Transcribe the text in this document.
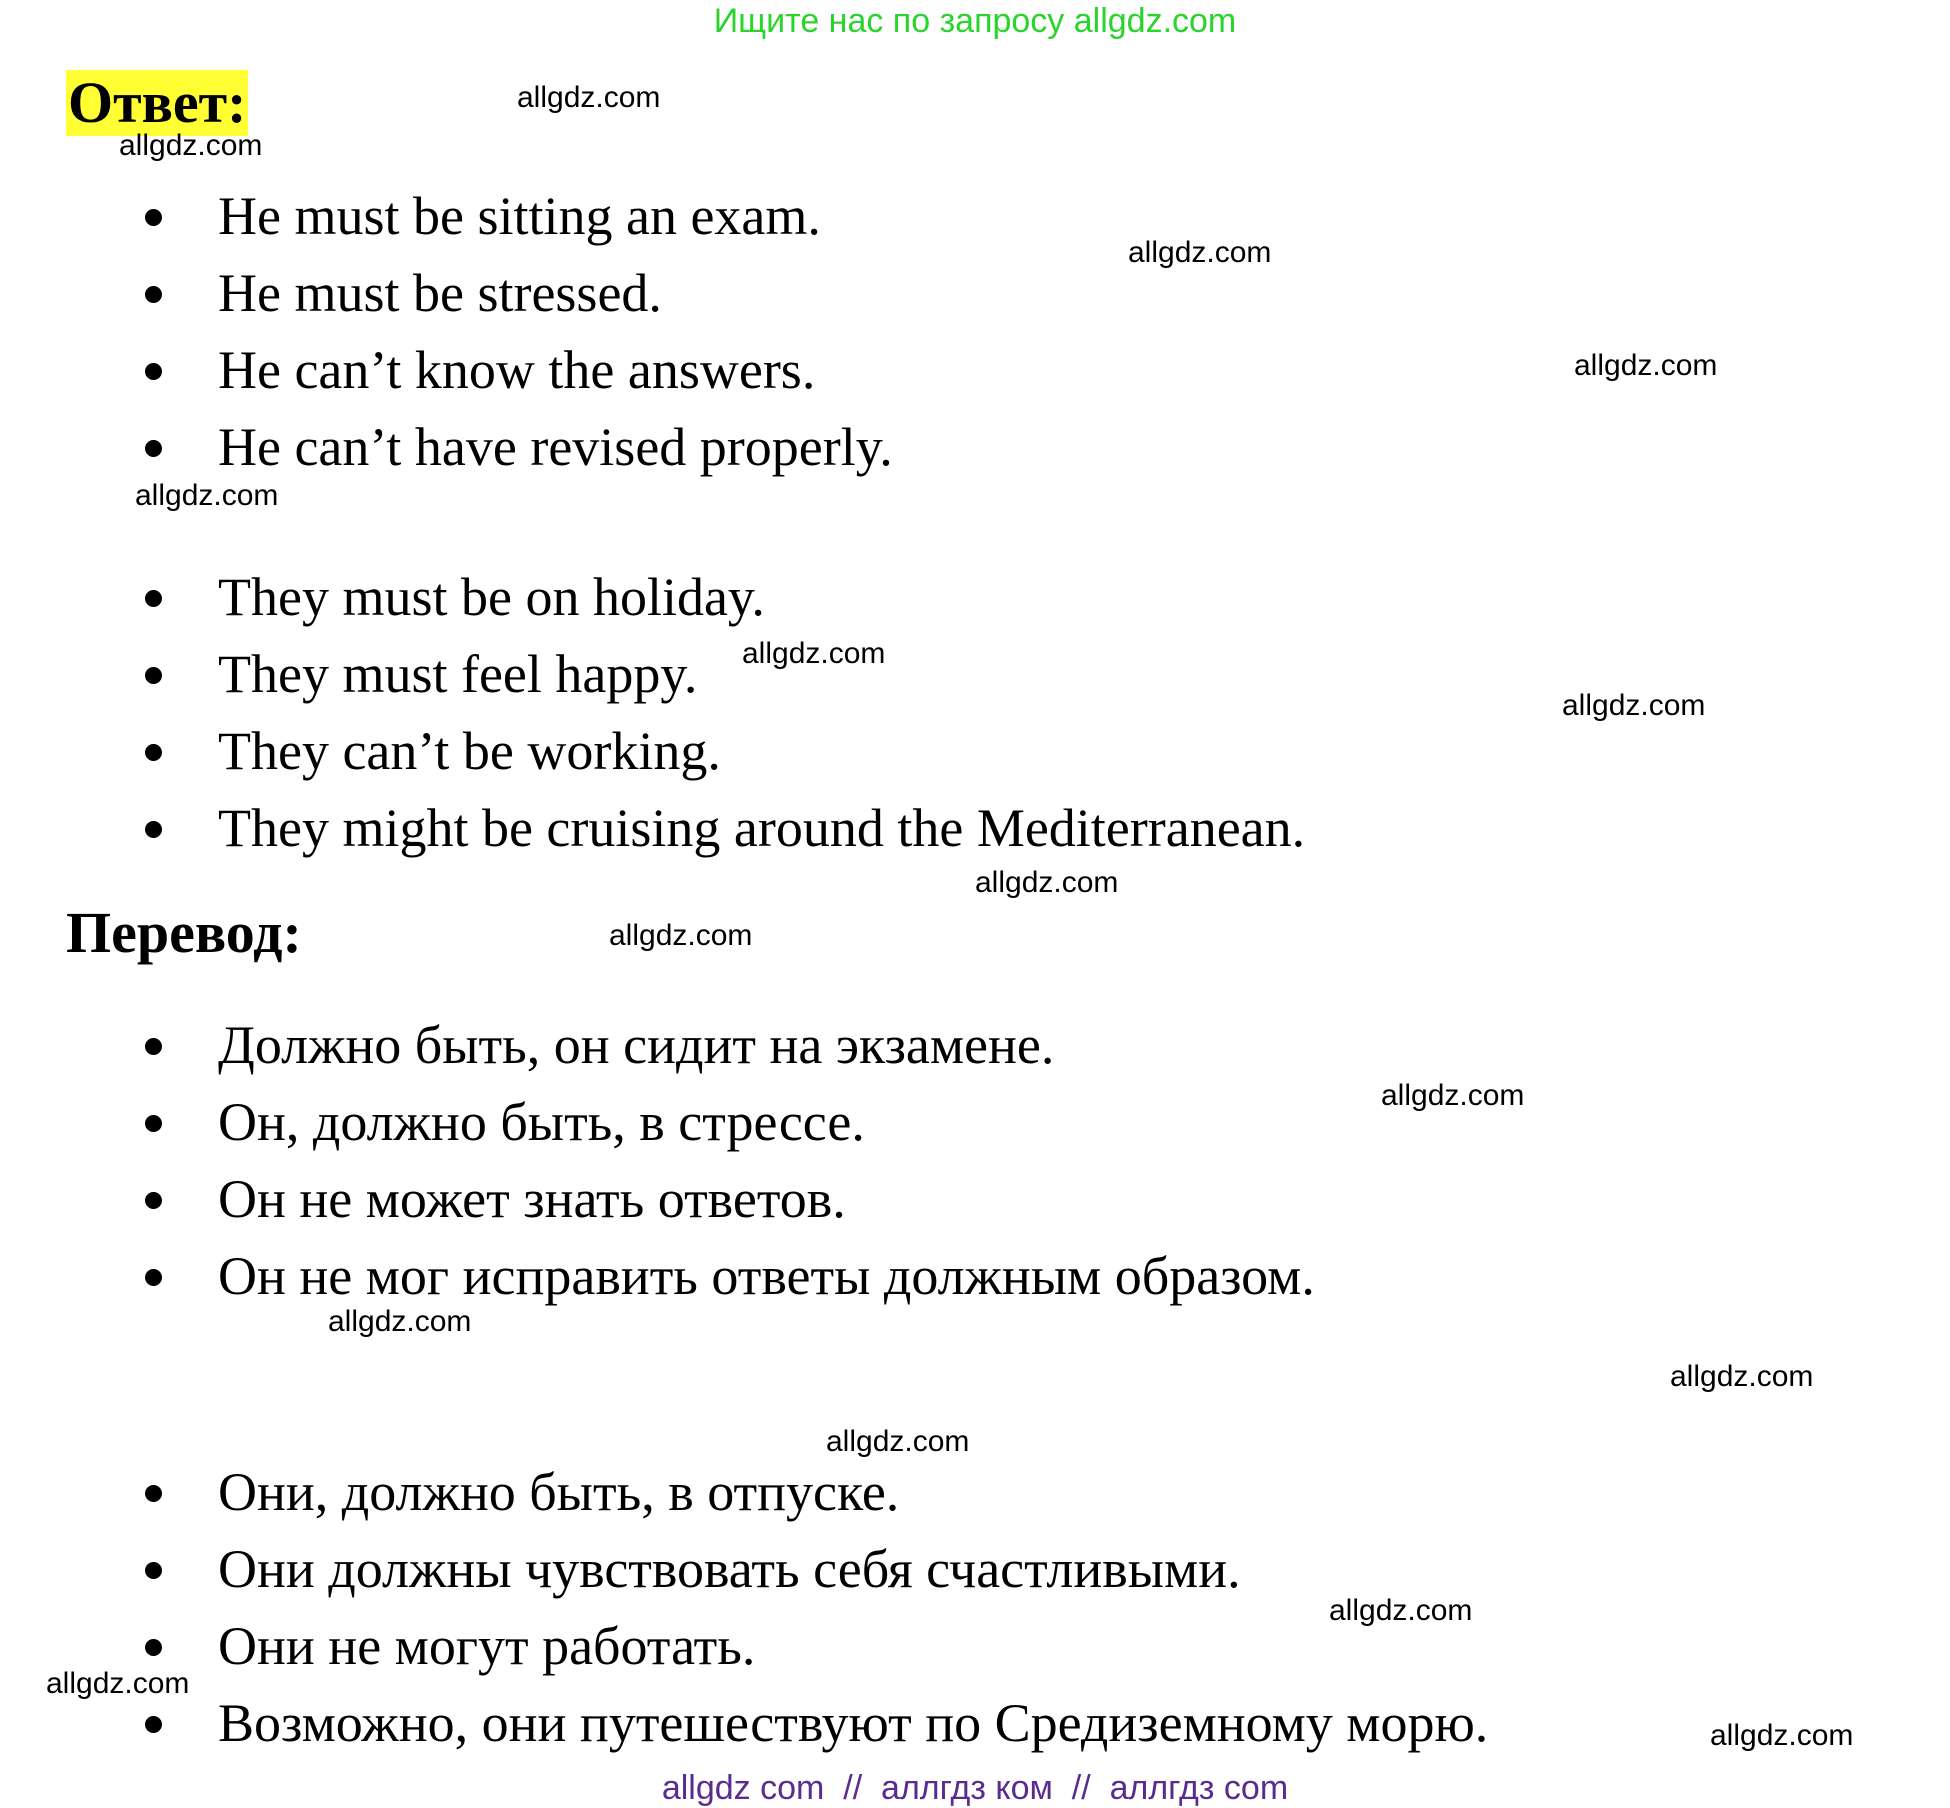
Ищите нас по запросу allgdz.com
Ответ:
He must be sitting an exam.
He must be stressed.
He can’t know the answers.
He can’t have revised properly.
They must be on holiday.
They must feel happy.
They can’t be working.
They might be cruising around the Mediterranean.
Перевод:
Должно быть, он сидит на экзамене.
Он, должно быть, в стрессе.
Он не может знать ответов.
Он не мог исправить ответы должным образом.
Они, должно быть, в отпуске.
Они должны чувствовать себя счастливыми.
Они не могут работать.
Возможно, они путешествуют по Средиземному морю.
allgdz.com
allgdz.com
allgdz.com
allgdz.com
allgdz.com
allgdz.com
allgdz.com
allgdz.com
allgdz.com
allgdz.com
allgdz.com
allgdz.com
allgdz.com
allgdz.com
allgdz.com
allgdz.com
allgdz com  //  аллгдз ком  //  аллгдз com
